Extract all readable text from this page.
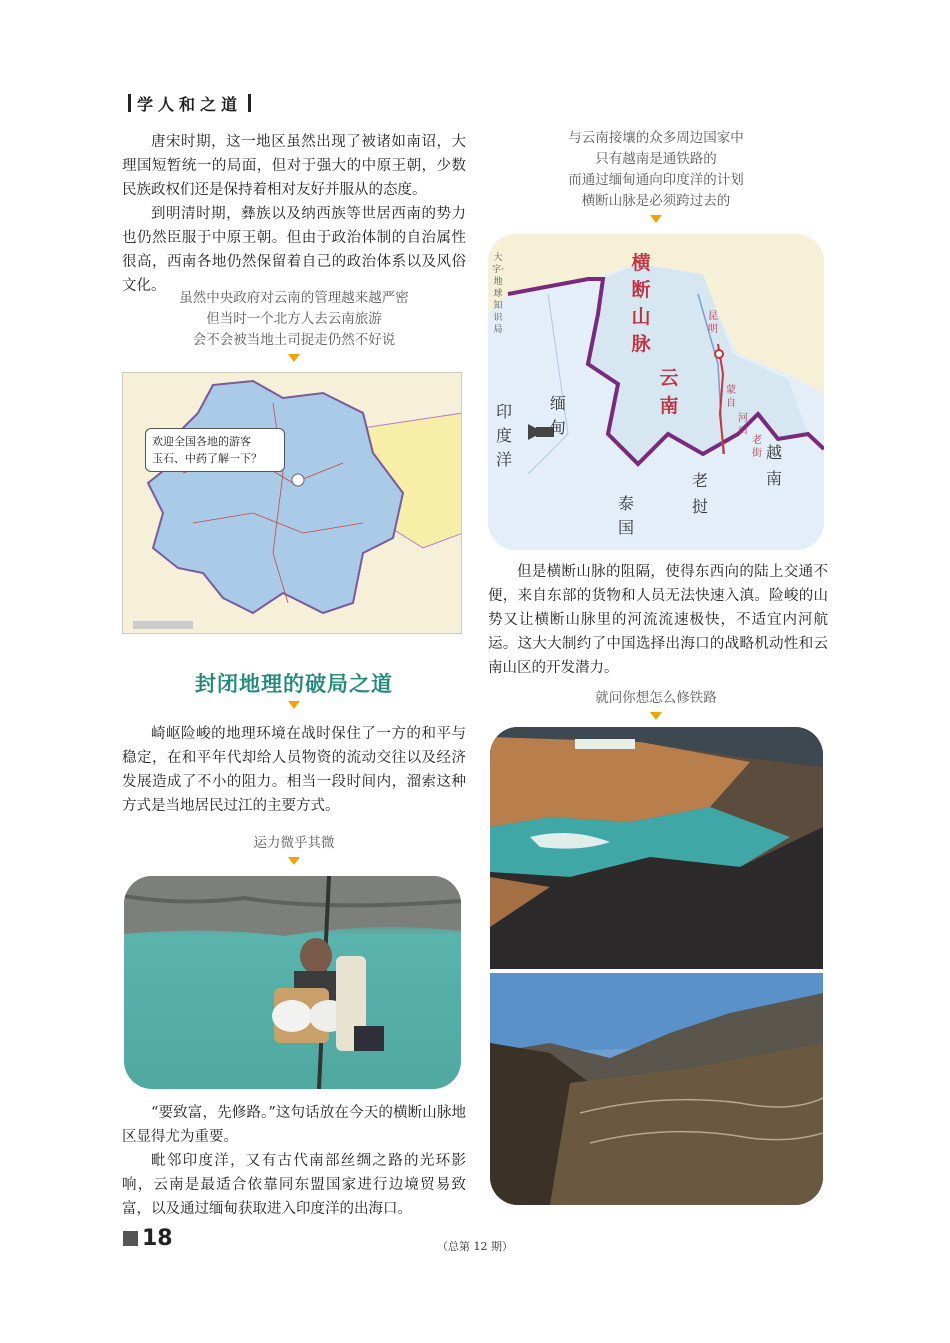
学人和之道

唐宋时期，这一地区虽然出现了被诸如南诏，大理国短暂统一的局面，但对于强大的中原王朝，少数民族政权们还是保持着相对友好并服从的态度。

到明清时期，彝族以及纳西族等世居西南的势力也仍然臣服于中原王朝。但由于政治体制的自治属性很高，西南各地仍然保留着自己的政治体系以及风俗文化。

虽然中央政府对云南的管理越来越严密
但当时一个北方人去云南旅游
会不会被当地土司捉走仍然不好说
欢迎全国各地的游客
玉石、中药了解一下？
封闭地理的破局之道

崎岖险峻的地理环境在战时保住了一方的和平与稳定，在和平年代却给人员物资的流动交往以及经济发展造成了不小的阻力。相当一段时间内，溜索这种方式是当地居民过江的主要方式。

运力微乎其微

“要致富，先修路。”这句话放在今天的横断山脉地区显得尤为重要。

毗邻印度洋，又有古代南部丝绸之路的光环影响，云南是最适合依靠同东盟国家进行边境贸易致富，以及通过缅甸获取进入印度洋的出海口。

与云南接壤的众多周边国家中
只有越南是通铁路的
而通过缅甸通向印度洋的计划
横断山脉是必须跨过去的
横断山脉
云南
缅甸
印度洋
泰国
老挝
越南
昆明
蒙自
河口
老街
大字·地球知识局

但是横断山脉的阻隔，使得东西向的陆上交通不便，来自东部的货物和人员无法快速入滇。险峻的山势又让横断山脉里的河流流速极快，不适宜内河航运。这大大制约了中国选择出海口的战略机动性和云南山区的开发潜力。

就问你想怎么修铁路
18	（总第 12 期）
